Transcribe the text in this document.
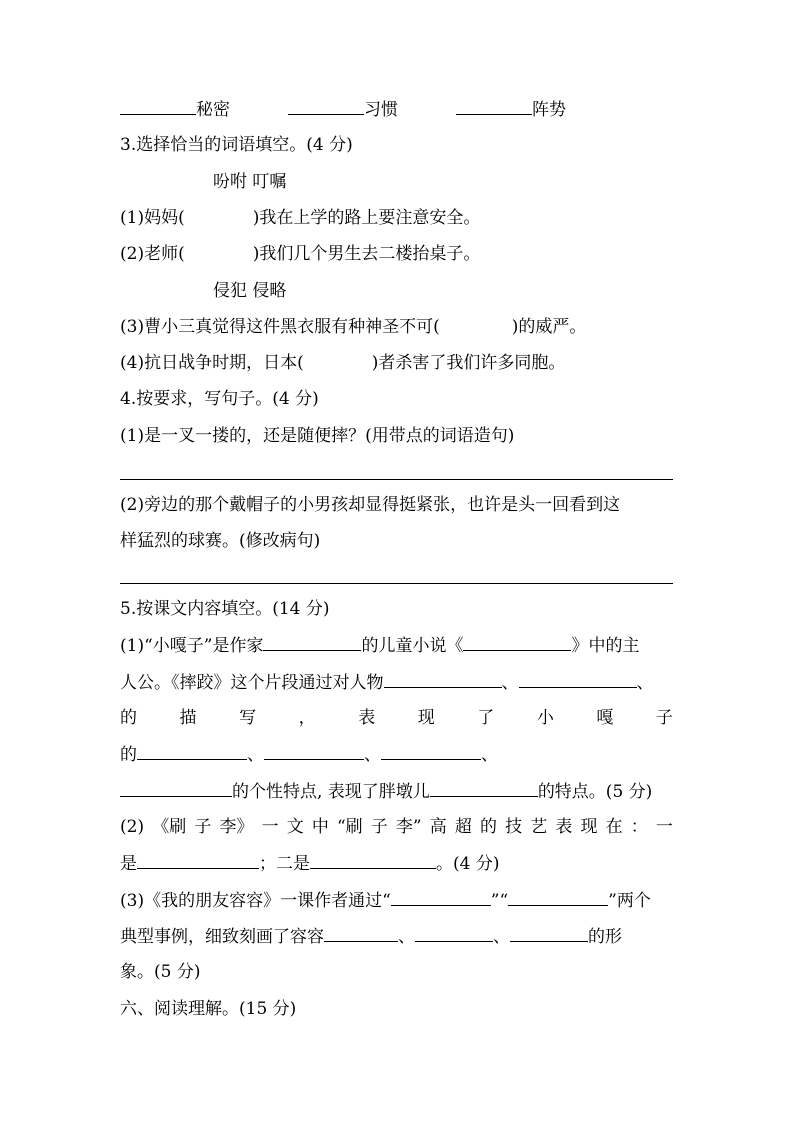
秘密	习惯	阵势
3.选择恰当的词语填空。(4 分)
吩咐 叮嘱
(1)妈妈(	)我在上学的路上要注意安全。
(2)老师(	)我们几个男生去二楼抬桌子。
侵犯 侵略
(3)曹小三真觉得这件黑衣服有种神圣不可(	)的威严。
(4)抗日战争时期，日本(	)者杀害了我们许多同胞。
4.按要求，写句子。(4 分)
(1)是一叉一搂的，还是随便摔？(用带点的词语造句)
(2)旁边的那个戴帽子的小男孩却显得挺紧张，也许是头一回看到这
样猛烈的球赛。(修改病句)
5.按课文内容填空。(14 分)
(1)“小嘎子”是作家	的儿童小说《	》中的主
人公。《摔跤》这个片段通过对人物	、	、
的	描	写	，	表	现	了	小	嘎	子
的	、	、	、
的个性特点, 表现了胖墩儿	的特点。(5 分)
(2) 《刷 子 李》 一 文 中 “刷 子 李” 高 超 的 技 艺 表 现 在 ： 一
是	；二是	。(4 分)
(3)《我的朋友容容》一课作者通过“	”“	”两个
典型事例，细致刻画了容容	、	、	的形
象。(5 分)
六、阅读理解。(15 分)
